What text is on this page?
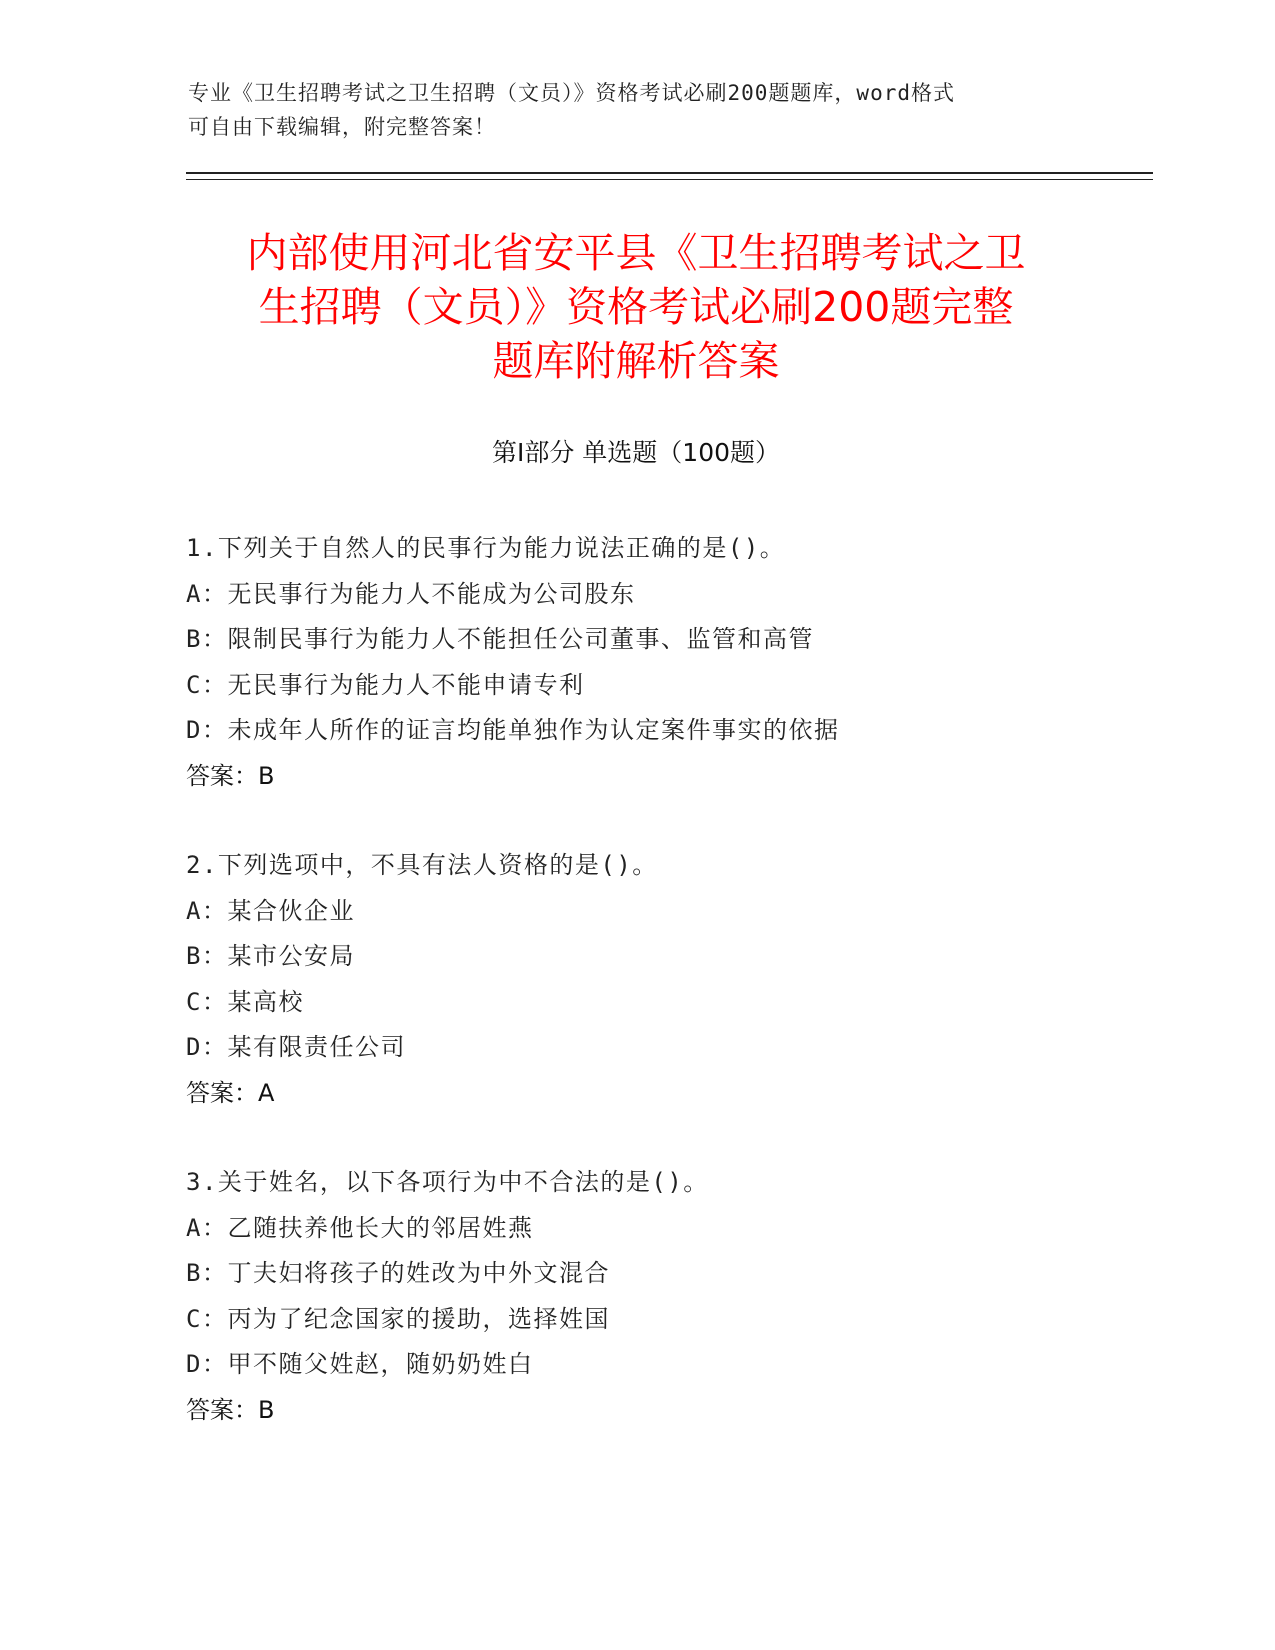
专业《卫生招聘考试之卫生招聘（文员）》资格考试必刷200题题库，word格式
可自由下载编辑，附完整答案！
内部使用河北省安平县《卫生招聘考试之卫
生招聘（文员）》资格考试必刷200题完整
题库附解析答案
第Ⅰ部分 单选题（100题）
1.下列关于自然人的民事行为能力说法正确的是()。
A：无民事行为能力人不能成为公司股东
B：限制民事行为能力人不能担任公司董事、监管和高管
C：无民事行为能力人不能申请专利
D：未成年人所作的证言均能单独作为认定案件事实的依据
答案：B
2.下列选项中，不具有法人资格的是()。
A：某合伙企业
B：某市公安局
C：某高校
D：某有限责任公司
答案：A
3.关于姓名，以下各项行为中不合法的是()。
A：乙随扶养他长大的邻居姓燕
B：丁夫妇将孩子的姓改为中外文混合
C：丙为了纪念国家的援助，选择姓国
D：甲不随父姓赵，随奶奶姓白
答案：B
